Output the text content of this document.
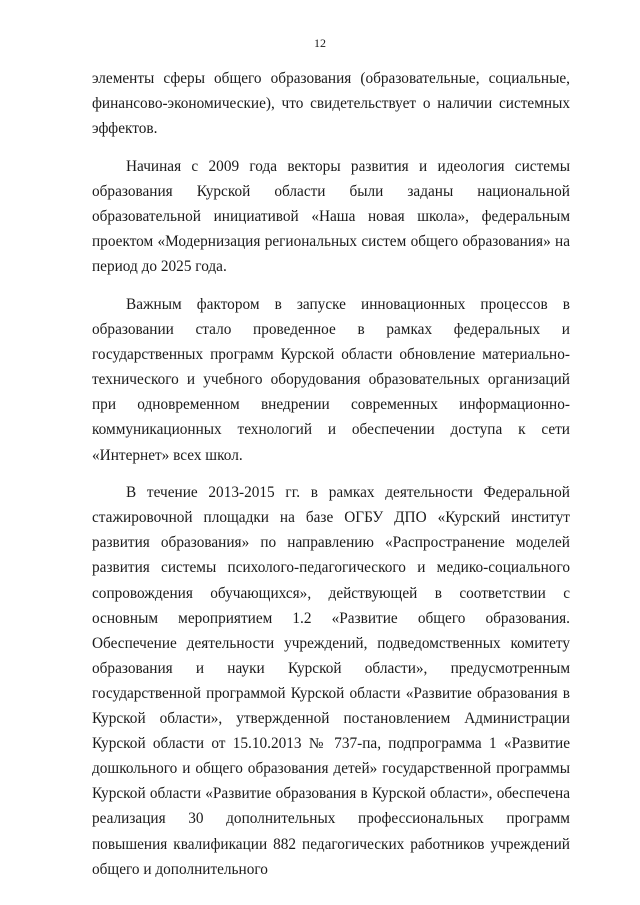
12

элементы сферы общего образования (образовательные, социальные, финансово-экономические), что свидетельствует о наличии системных эффектов.

Начиная с 2009 года векторы развития и идеология системы образования Курской области были заданы национальной образовательной инициативой «Наша новая школа», федеральным проектом «Модернизация региональных систем общего образования» на период до 2025 года.

Важным фактором в запуске инновационных процессов в образовании стало проведенное в рамках федеральных и государственных программ Курской области обновление материально-технического и учебного оборудования образовательных организаций при одновременном внедрении современных информационно-коммуникационных технологий и обеспечении доступа к сети «Интернет» всех школ.

В течение 2013-2015 гг. в рамках деятельности Федеральной стажировочной площадки на базе ОГБУ ДПО «Курский институт развития образования» по направлению «Распространение моделей развития системы психолого-педагогического и медико-социального сопровождения обучающихся», действующей в соответствии с основным мероприятием 1.2 «Развитие общего образования. Обеспечение деятельности учреждений, подведомственных комитету образования и науки Курской области», предусмотренным государственной программой Курской области «Развитие образования в Курской области», утвержденной постановлением Администрации Курской области от 15.10.2013 № 737-па, подпрограмма 1 «Развитие дошкольного и общего образования детей» государственной программы Курской области «Развитие образования в Курской области», обеспечена реализация 30 дополнительных профессиональных программ повышения квалификации 882 педагогических работников учреждений общего и дополнительного
